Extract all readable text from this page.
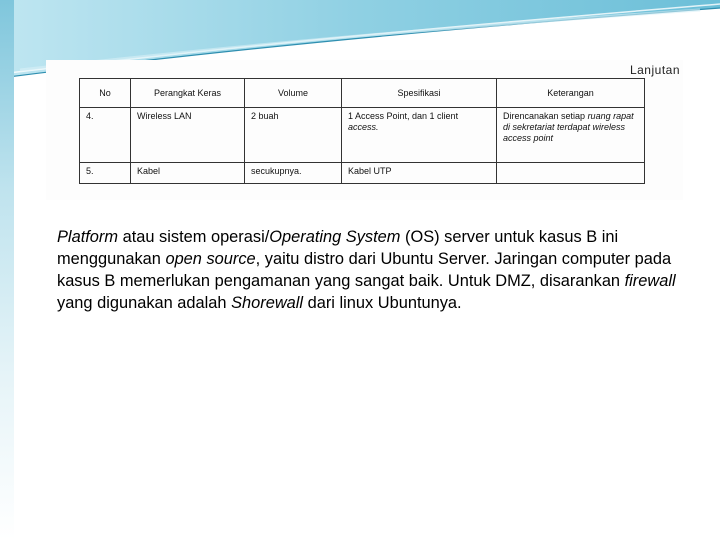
Lanjutan
No	Perangkat Keras	Volume	Spesifikasi	Keterangan
4.	Wireless LAN	2 buah	1 Access Point, dan 1 client access.	Direncanakan setiap ruang rapat di sekretariat terdapat wireless access point
5.	Kabel	secukupnya.	Kabel UTP	

Platform atau sistem operasi/Operating System (OS) server untuk kasus B ini menggunakan open source, yaitu distro dari Ubuntu Server. Jaringan computer pada kasus B memerlukan pengamanan yang sangat baik. Untuk DMZ, disarankan firewall yang digunakan adalah Shorewall dari linux Ubuntunya.
